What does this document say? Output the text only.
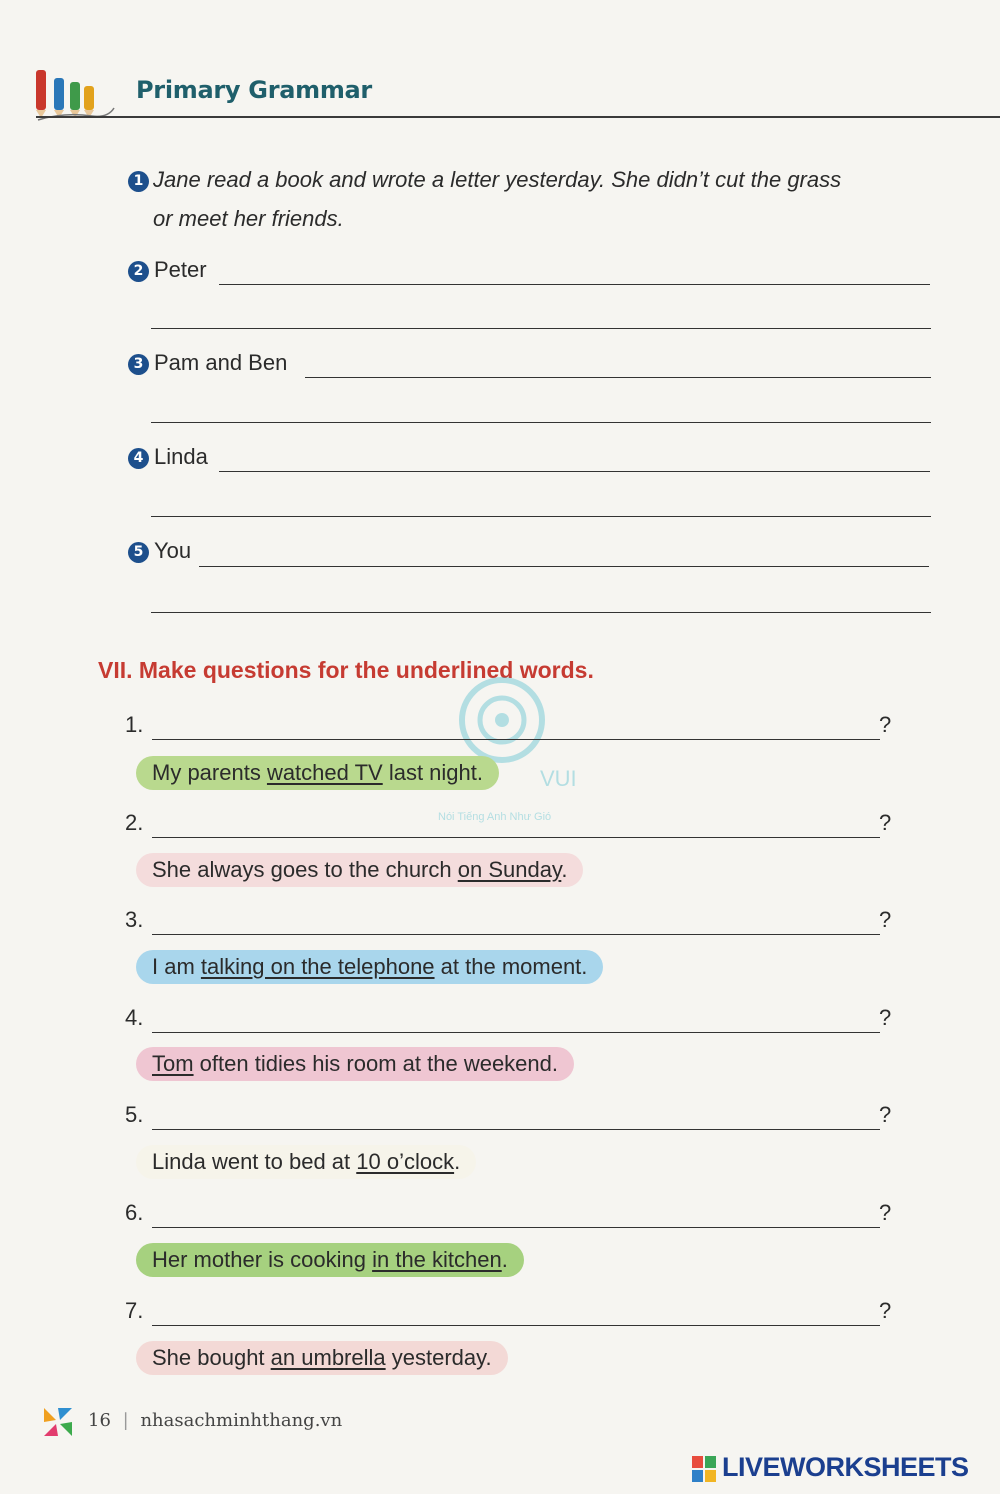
Primary Grammar
1 Jane read a book and wrote a letter yesterday. She didn’t cut the grass
or meet her friends.
2 Peter
3 Pam and Ben
4 Linda
5 You
VII. Make questions for the underlined words.
VUI
Nói Tiếng Anh Như Gió
1.	?
My parents watched TV last night.
2.	?
She always goes to the church on Sunday.
3.	?
I am talking on the telephone at the moment.
4.	?
Tom often tidies his room at the weekend.
5.	?
Linda went to bed at 10 o’clock.
6.	?
Her mother is cooking in the kitchen.
7.	?
She bought an umbrella yesterday.
16 | nhasachminhthang.vn
LIVEWORKSHEETS
